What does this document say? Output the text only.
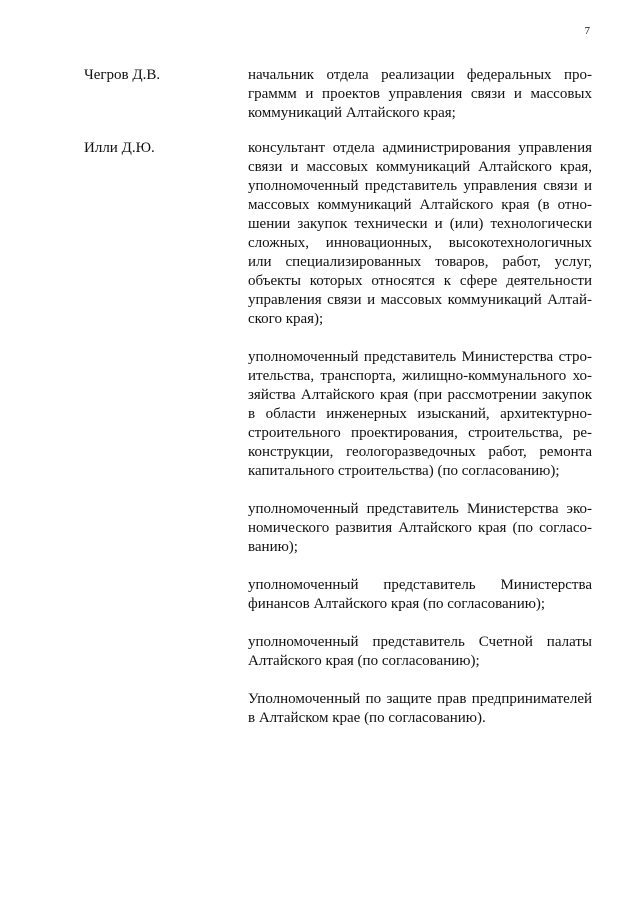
7
Чегров Д.В.	начальник отдела реализации федеральных про-граммм и проектов управления связи и массовых коммуникаций Алтайского края;

Илли Д.Ю.	консультант отдела администрирования управления связи и массовых коммуникаций Алтайского края, уполномоченный представитель управления связи и массовых коммуникаций Алтайского края (в отно-шении закупок технически и (или) технологически сложных, инновационных, высокотехнологичных или специализированных товаров, работ, услуг, объекты которых относятся к сфере деятельности управления связи и массовых коммуникаций Алтай-ского края);

уполномоченный представитель Министерства стро-ительства, транспорта, жилищно-коммунального хо-зяйства Алтайского края (при рассмотрении закупок в области инженерных изысканий, архитектурно-строительного проектирования, строительства, ре-конструкции, геологоразведочных работ, ремонта капитального строительства) (по согласованию);

уполномоченный представитель Министерства эко-номического развития Алтайского края (по согласо-ванию);

уполномоченный представитель Министерства финансов Алтайского края (по согласованию);

уполномоченный представитель Счетной палаты Алтайского края (по согласованию);

Уполномоченный по защите прав предпринимателей в Алтайском крае (по согласованию).
